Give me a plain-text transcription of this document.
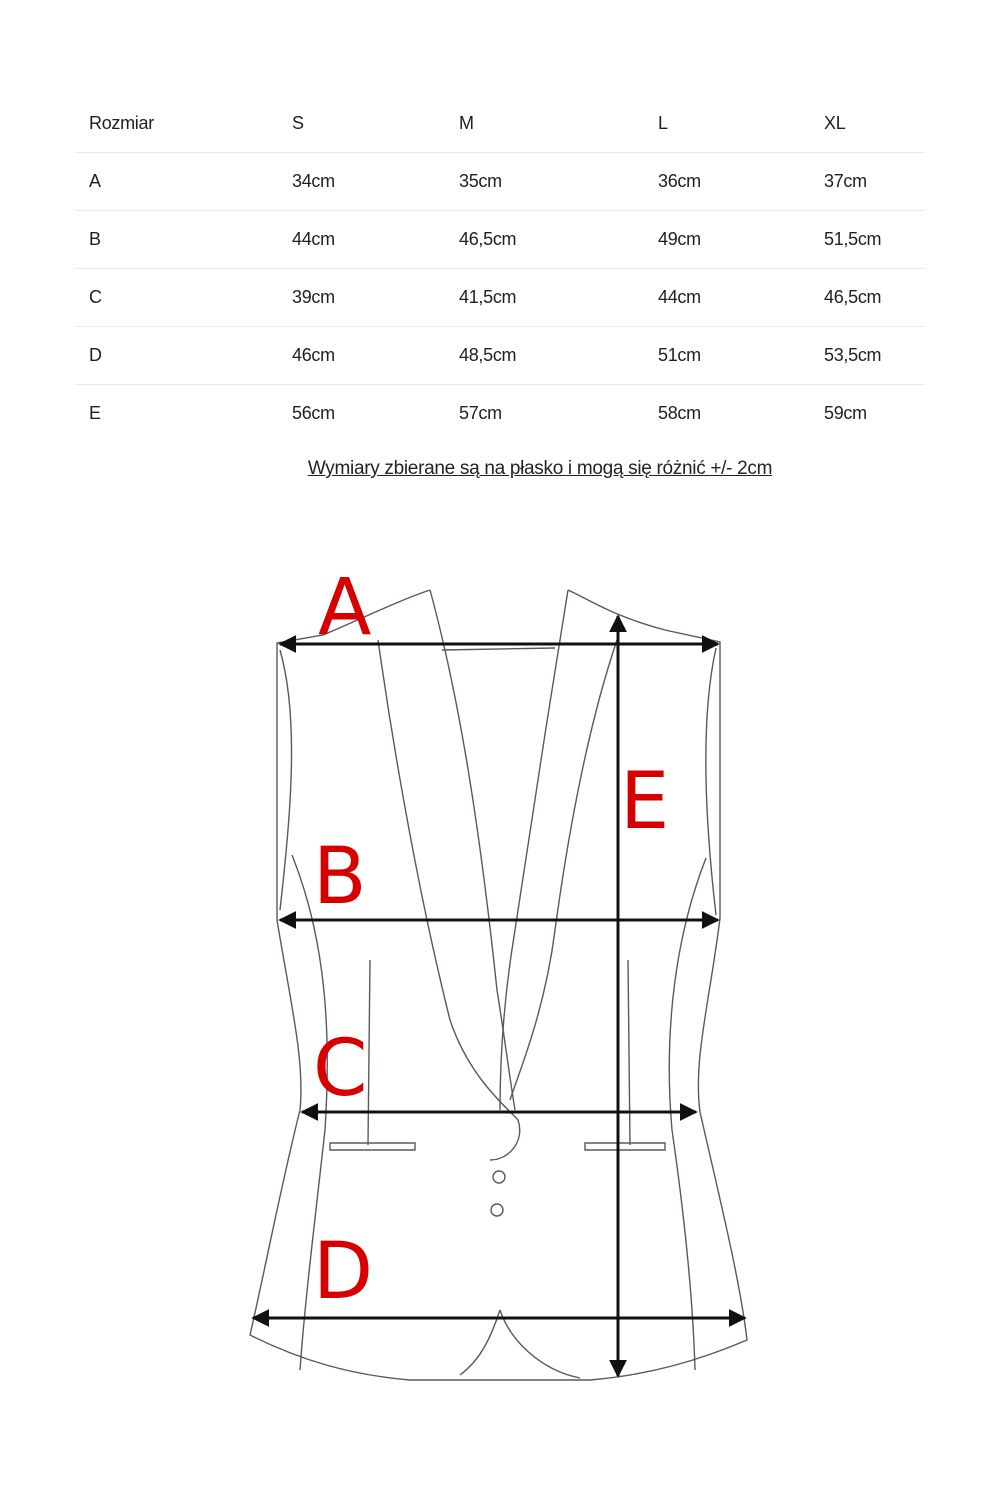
Rozmiar	S	M	L	XL
A	34cm	35cm	36cm	37cm
B	44cm	46,5cm	49cm	51,5cm
C	39cm	41,5cm	44cm	46,5cm
D	46cm	48,5cm	51cm	53,5cm
E	56cm	57cm	58cm	59cm
Wymiary zbierane są na płasko i mogą się różnić +/- 2cm
A
E
B
C
D
